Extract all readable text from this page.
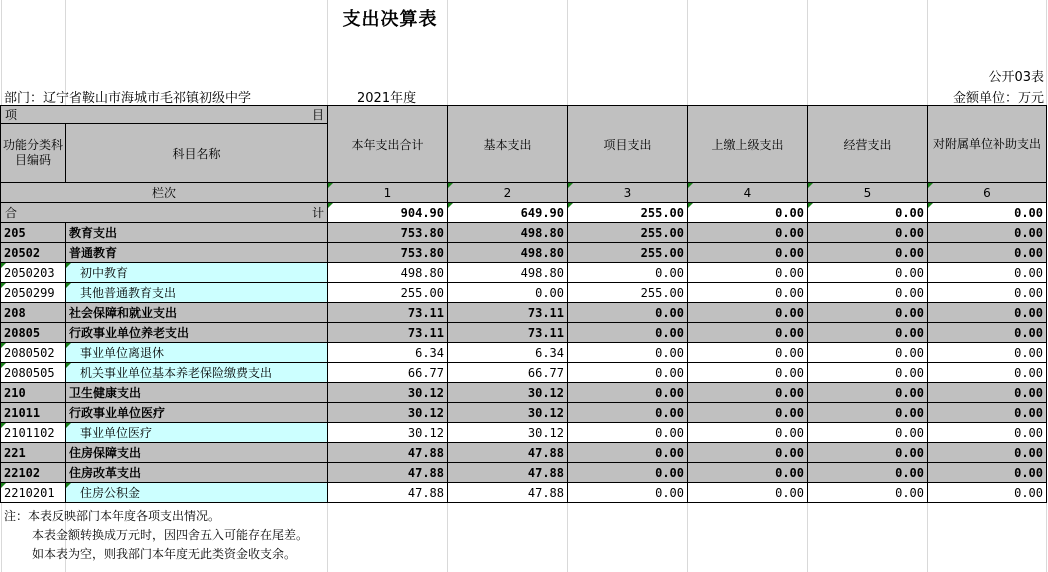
支出决算表
公开03表
部门：辽宁省鞍山市海城市毛祁镇初级中学	2021年度	金额单位：万元
项 目		本年支出合计	基本支出	项目支出	上缴上级支出	经营支出	对附属单位补助支出
功能分类科目编码	科目名称						
栏次		1	2	3	4	5	6

合 计		904.90	649.90	255.00	0.00	0.00	0.00
205	教育支出	753.80	498.80	255.00	0.00	0.00	0.00
20502	普通教育	753.80	498.80	255.00	0.00	0.00	0.00
2050203	初中教育	498.80	498.80	0.00	0.00	0.00	0.00
2050299	其他普通教育支出	255.00	0.00	255.00	0.00	0.00	0.00
208	社会保障和就业支出	73.11	73.11	0.00	0.00	0.00	0.00
20805	行政事业单位养老支出	73.11	73.11	0.00	0.00	0.00	0.00
2080502	事业单位离退休	6.34	6.34	0.00	0.00	0.00	0.00
2080505	机关事业单位基本养老保险缴费支出	66.77	66.77	0.00	0.00	0.00	0.00
210	卫生健康支出	30.12	30.12	0.00	0.00	0.00	0.00
21011	行政事业单位医疗	30.12	30.12	0.00	0.00	0.00	0.00
2101102	事业单位医疗	30.12	30.12	0.00	0.00	0.00	0.00
221	住房保障支出	47.88	47.88	0.00	0.00	0.00	0.00
22102	住房改革支出	47.88	47.88	0.00	0.00	0.00	0.00
2210201	住房公积金	47.88	47.88	0.00	0.00	0.00	0.00
注：本表反映部门本年度各项支出情况。
本表金额转换成万元时，因四舍五入可能存在尾差。
如本表为空，则我部门本年度无此类资金收支余。
